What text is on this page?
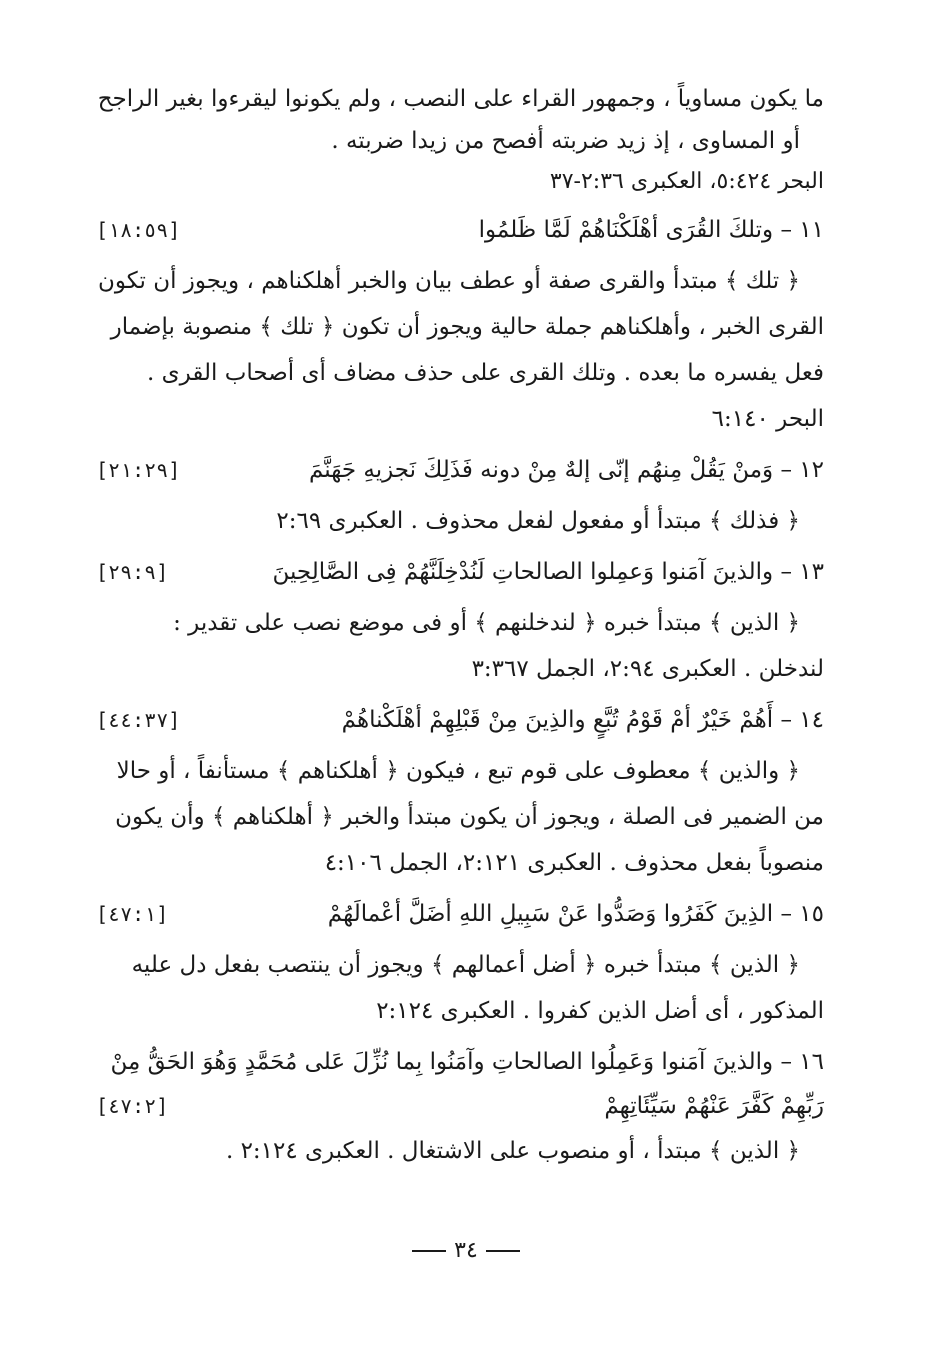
ما يكون مساوياً ، وجمهور القراء على النصب ، ولم يكونوا ليقرءوا بغير الراجح
أو المساوى ، إذ زيد ضربته أفصح من زيدا ضربته .
البحر ٥:٤٢٤، العكبرى ٢:٣٦-٣٧
١١ – وتلكَ القُرَى أهْلَكْنَاهُمْ لَمَّا ظَلمُوا
[١٨:٥٩]
﴿ تلك ﴾ مبتدأ والقرى صفة أو عطف بيان والخبر أهلكناهم ، ويجوز أن تكون
القرى الخبر ، وأهلكناهم جملة حالية ويجوز أن تكون ﴿ تلك ﴾ منصوبة بإضمار
فعل يفسره ما بعده . وتلك القرى على حذف مضاف أى أصحاب القرى .
البحر ٦:١٤٠
١٢ – وَمنْ يَقُلْ مِنهُم إنّى إلهٌ مِنْ دونه فَذَلِكَ نَجزيهِ جَهَنَّمَ
[٢١:٢٩]
﴿ فذلك ﴾ مبتدأ أو مفعول لفعل محذوف . العكبرى ٢:٦٩
١٣ – والذينَ آمَنوا وَعمِلوا الصالحاتِ لَنُدْخِلَنَّهُمْ فِى الصَّالِحِينَ
[٢٩:٩]
﴿ الذين ﴾ مبتدأ خبره ﴿ لندخلنهم ﴾ أو فى موضع نصب على تقدير :
لندخلن . العكبرى ٢:٩٤، الجمل ٣:٣٦٧
١٤ – أَهُمْ خَيْرٌ أمْ قَوْمُ تُبَّعٍ والذِينَ مِنْ قَبْلِهِمْ أهْلَكْناهُمْ
[٤٤:٣٧]
﴿ والذين ﴾ معطوف على قوم تبع ، فيكون ﴿ أهلكناهم ﴾ مستأنفاً ، أو حالا
من الضمير فى الصلة ، ويجوز أن يكون مبتدأ والخبر ﴿ أهلكناهم ﴾ وأن يكون
منصوباً بفعل محذوف . العكبرى ٢:١٢١، الجمل ٤:١٠٦
١٥ – الذِينَ كَفَرُوا وَصَدُّوا عَنْ سَبِيلِ اللهِ أضَلَّ أعْمالَهُمْ
[٤٧:١]
﴿ الذين ﴾ مبتدأ خبره ﴿ أضل أعمالهم ﴾ ويجوز أن ينتصب بفعل دل عليه
المذكور ، أى أضل الذين كفروا . العكبرى ٢:١٢٤
١٦ – والذينَ آمَنوا وَعَمِلُوا الصالحاتِ وآمَنُوا بِما نُزِّلَ عَلى مُحَمَّدٍ وَهُوَ الحَقُّ مِنْ
رَبِّهِمْ كَفَّرَ عَنْهُمْ سَيِّئَاتِهِمْ
[٤٧:٢]
﴿ الذين ﴾ مبتدأ ، أو منصوب على الاشتغال . العكبرى ٢:١٢٤ .
٣٤
